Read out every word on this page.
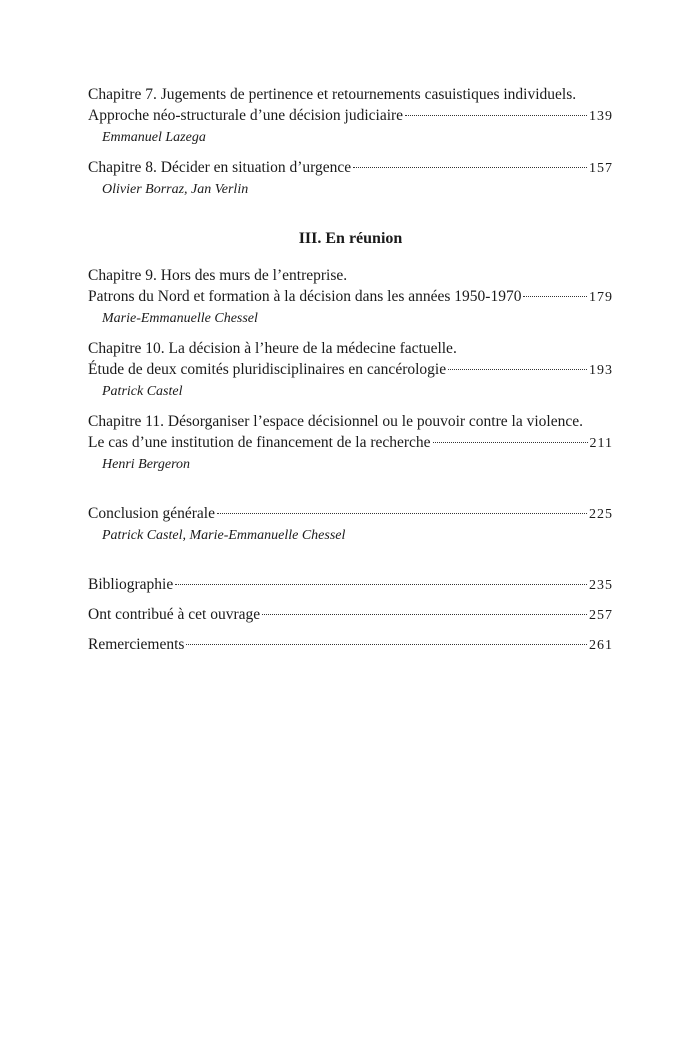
Chapitre 7. Jugements de pertinence et retournements casuistiques individuels.
Approche néo-structurale d’une décision judiciaire	139
Emmanuel Lazega
Chapitre 8. Décider en situation d’urgence	157
Olivier Borraz, Jan Verlin
III. En réunion
Chapitre 9. Hors des murs de l’entreprise.
Patrons du Nord et formation à la décision dans les années 1950-1970	179
Marie-Emmanuelle Chessel
Chapitre 10. La décision à l’heure de la médecine factuelle.
Étude de deux comités pluridisciplinaires en cancérologie	193
Patrick Castel
Chapitre 11. Désorganiser l’espace décisionnel ou le pouvoir contre la violence.
Le cas d’une institution de financement de la recherche	211
Henri Bergeron
Conclusion générale	225
Patrick Castel, Marie-Emmanuelle Chessel
Bibliographie	235
Ont contribué à cet ouvrage	257
Remerciements	261
